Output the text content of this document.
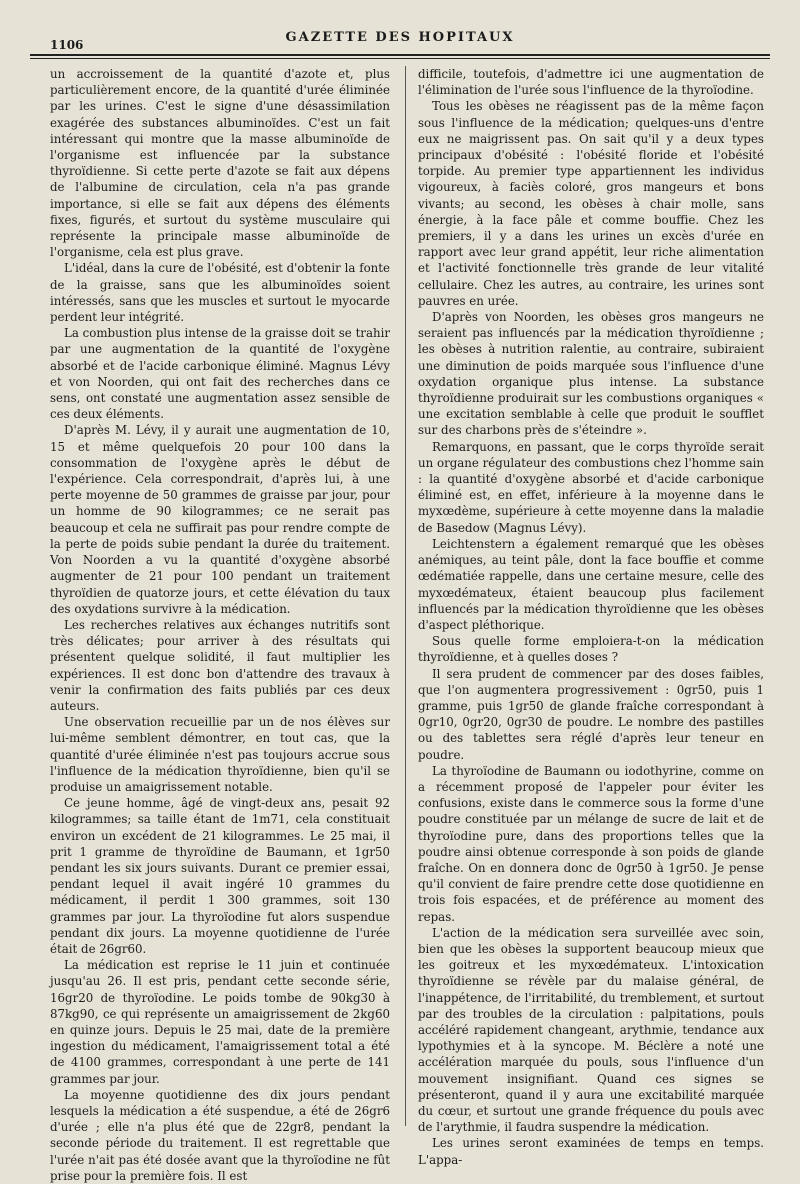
1106	GAZETTE DES HOPITAUX

un accroissement de la quantité d'azote et, plus particulièrement encore, de la quantité d'urée éliminée par les urines. C'est le signe d'une désassimilation exagérée des substances albuminoïdes. C'est un fait intéressant qui montre que la masse albuminoïde de l'organisme est influencée par la substance thyroïdienne. Si cette perte d'azote se fait aux dépens de l'albumine de circulation, cela n'a pas grande importance, si elle se fait aux dépens des éléments fixes, figurés, et surtout du système musculaire qui représente la principale masse albuminoïde de l'organisme, cela est plus grave.

L'idéal, dans la cure de l'obésité, est d'obtenir la fonte de la graisse, sans que les albuminoïdes soient intéressés, sans que les muscles et surtout le myocarde perdent leur intégrité.

La combustion plus intense de la graisse doit se trahir par une augmentation de la quantité de l'oxygène absorbé et de l'acide carbonique éliminé. Magnus Lévy et von Noorden, qui ont fait des recherches dans ce sens, ont constaté une augmentation assez sensible de ces deux éléments.

D'après M. Lévy, il y aurait une augmentation de 10, 15 et même quelquefois 20 pour 100 dans la consommation de l'oxygène après le début de l'expérience. Cela correspondrait, d'après lui, à une perte moyenne de 50 grammes de graisse par jour, pour un homme de 90 kilogrammes; ce ne serait pas beaucoup et cela ne suffirait pas pour rendre compte de la perte de poids subie pendant la durée du traitement. Von Noorden a vu la quantité d'oxygène absorbé augmenter de 21 pour 100 pendant un traitement thyroïdien de quatorze jours, et cette élévation du taux des oxydations survivre à la médication.

Les recherches relatives aux échanges nutritifs sont très délicates; pour arriver à des résultats qui présentent quelque solidité, il faut multiplier les expériences. Il est donc bon d'attendre des travaux à venir la confirmation des faits publiés par ces deux auteurs.

Une observation recueillie par un de nos élèves sur lui-même semblent démontrer, en tout cas, que la quantité d'urée éliminée n'est pas toujours accrue sous l'influence de la médication thyroïdienne, bien qu'il se produise un amaigrissement notable.

Ce jeune homme, âgé de vingt-deux ans, pesait 92 kilogrammes; sa taille étant de 1m71, cela constituait environ un excédent de 21 kilogrammes. Le 25 mai, il prit 1 gramme de thyroïdine de Baumann, et 1gr50 pendant les six jours suivants. Durant ce premier essai, pendant lequel il avait ingéré 10 grammes du médicament, il perdit 1 300 grammes, soit 130 grammes par jour. La thyroïodine fut alors suspendue pendant dix jours. La moyenne quotidienne de l'urée était de 26gr60.

La médication est reprise le 11 juin et continuée jusqu'au 26. Il est pris, pendant cette seconde série, 16gr20 de thyroïodine. Le poids tombe de 90kg30 à 87kg90, ce qui représente un amaigrissement de 2kg60 en quinze jours. Depuis le 25 mai, date de la première ingestion du médicament, l'amaigrissement total a été de 4100 grammes, correspondant à une perte de 141 grammes par jour.

La moyenne quotidienne des dix jours pendant lesquels la médication a été suspendue, a été de 26gr6 d'urée ; elle n'a plus été que de 22gr8, pendant la seconde période du traitement. Il est regrettable que l'urée n'ait pas été dosée avant que la thyroïodine ne fût prise pour la première fois. Il est

difficile, toutefois, d'admettre ici une augmentation de l'élimination de l'urée sous l'influence de la thyroïodine.

Tous les obèses ne réagissent pas de la même façon sous l'influence de la médication; quelques-uns d'entre eux ne maigrissent pas. On sait qu'il y a deux types principaux d'obésité : l'obésité floride et l'obésité torpide. Au premier type appartiennent les individus vigoureux, à faciès coloré, gros mangeurs et bons vivants; au second, les obèses à chair molle, sans énergie, à la face pâle et comme bouffie. Chez les premiers, il y a dans les urines un excès d'urée en rapport avec leur grand appétit, leur riche alimentation et l'activité fonctionnelle très grande de leur vitalité cellulaire. Chez les autres, au contraire, les urines sont pauvres en urée.

D'après von Noorden, les obèses gros mangeurs ne seraient pas influencés par la médication thyroïdienne ; les obèses à nutrition ralentie, au contraire, subiraient une diminution de poids marquée sous l'influence d'une oxydation organique plus intense. La substance thyroïdienne produirait sur les combustions organiques « une excitation semblable à celle que produit le soufflet sur des charbons près de s'éteindre ».

Remarquons, en passant, que le corps thyroïde serait un organe régulateur des combustions chez l'homme sain : la quantité d'oxygène absorbé et d'acide carbonique éliminé est, en effet, inférieure à la moyenne dans le myxœdème, supérieure à cette moyenne dans la maladie de Basedow (Magnus Lévy).

Leichtenstern a également remarqué que les obèses anémiques, au teint pâle, dont la face bouffie et comme œdématiée rappelle, dans une certaine mesure, celle des myxœdémateux, étaient beaucoup plus facilement influencés par la médication thyroïdienne que les obèses d'aspect pléthorique.

Sous quelle forme emploiera-t-on la médication thyroïdienne, et à quelles doses ?

Il sera prudent de commencer par des doses faibles, que l'on augmentera progressivement : 0gr50, puis 1 gramme, puis 1gr50 de glande fraîche correspondant à 0gr10, 0gr20, 0gr30 de poudre. Le nombre des pastilles ou des tablettes sera réglé d'après leur teneur en poudre.

La thyroïodine de Baumann ou iodothyrine, comme on a récemment proposé de l'appeler pour éviter les confusions, existe dans le commerce sous la forme d'une poudre constituée par un mélange de sucre de lait et de thyroïodine pure, dans des proportions telles que la poudre ainsi obtenue corresponde à son poids de glande fraîche. On en donnera donc de 0gr50 à 1gr50. Je pense qu'il convient de faire prendre cette dose quotidienne en trois fois espacées, et de préférence au moment des repas.

L'action de la médication sera surveillée avec soin, bien que les obèses la supportent beaucoup mieux que les goitreux et les myxœdémateux. L'intoxication thyroïdienne se révèle par du malaise général, de l'inappétence, de l'irritabilité, du tremblement, et surtout par des troubles de la circulation : palpitations, pouls accéléré rapidement changeant, arythmie, tendance aux lypothymies et à la syncope. M. Béclère a noté une accélération marquée du pouls, sous l'influence d'un mouvement insignifiant. Quand ces signes se présenteront, quand il y aura une excitabilité marquée du cœur, et surtout une grande fréquence du pouls avec de l'arythmie, il faudra suspendre la médication.

Les urines seront examinées de temps en temps. L'appa-
